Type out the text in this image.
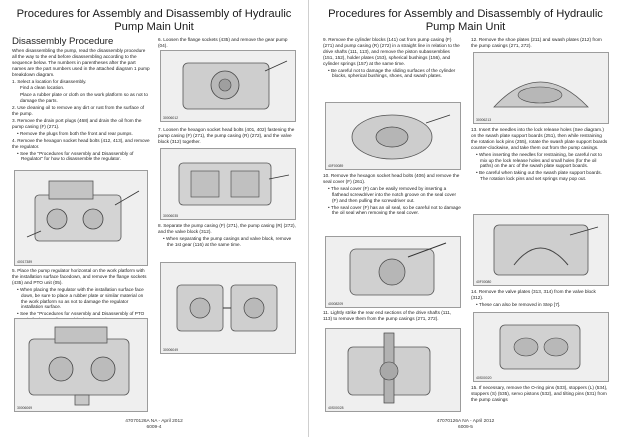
Procedures for Assembly and Disassembly of Hydraulic Pump Main Unit
Disassembly Procedure

When disassembling the pump, read the disassembly procedure all the way to the end before disassembling according to the sequence below. The numbers in parentheses after the part names are the part numbers used in the attached diagram 1 pump breakdown diagram.

1. Select a location for disassembly.

Find a clean location.

Place a rubber plate or cloth on the work platform so as not to damage the parts.

2. Use cleaning oil to remove any dirt or rust from the surface of the pump.

3. Remove the drain port plugs (468) and drain the oil from the pump casing (F) (271).

• Remove the plugs from both the front and rear pumps.

4. Remove the hexagon socket head bolts (412, 413), and remove the regulator.

• See the "Procedures for Assembly and Disassembly of Regulator" for how to disassemble the regulator.

40017389

5. Place the pump regulator horizontal on the work platform with the installation surface facedown, and remove the flange sockets (435) and PTO unit (05).

• When placing the regulator with the installation surface face down, be sure to place a rubber plate or similar material on the work platform so as not to damage the regulator installation surface.

• See the "Procedures for Assembly and Disassembly of PTO

30006069

6. Loosen the flange sockets (435) and remove the gear pump (04).

30006012

7. Loosen the hexagon socket head bolts (401, 402) fastening the pump casing (F) (271), the pump casing (R) (272), and the valve block (312) together.

30006035

8. Separate the pump casing (F) (271), the pump casing (R) (272), and the valve block (312).

• When separating the pump casings and valve block, remove the 1st gear (116) at the same time.

30006049
47070126A NA - April 2012
6009-4
Procedures for Assembly and Disassembly of Hydraulic Pump Main Unit

9. Remove the cylinder blocks (141) out from pump casing (F) (271) and pump casing (R) (272) in a straight line in relation to the drive shafts (111, 113), and remove the piston subassemblies (151, 152), holder plates (153), spherical bushings (156), and cylinder springs (157) at the same time.

• Be careful not to damage the sliding surfaces of the cylinder blocks, spherical bushings, shoes, and swash plates.

40F00089

10. Remove the hexagon socket head bolts (406) and remove the seal cover (F) (261).

• The seal cover (F) can be easily removed by inserting a flathead screwdriver into the notch groove on the seal cover (F) and then pulling the screwdriver out.

• The seal cover (F) has an oil seal, so be careful not to damage the oil seal when removing the seal cover.

40008209

11. Lightly strike the rear end sections of the drive shafts (111, 113) to remove them from the pump casings (271, 272).

40S00028

12. Remove the shoe plates (211) and swash plates (212) from the pump casings (271, 272).

30006213

13. Insert the needles into the lock release holes (See diagram.) on the swash plate support boards (251), then while restraining the rotation lock pins (255), rotate the swash plate support boards counter-clockwise, and take them out from the pump casings.

• When inserting the needles for restraining, be careful not to mix up the lock release holes and small holes (for the oil paths) on the arc of the swash plate support boards.

• Be careful when taking out the swash plate support boards. The rotation lock pins and set springs may pop out.

40F00080

14. Remove the valve plates (313, 314) from the valve block (312).

• These can also be removed in Step [7].

40S00020

15. If necessary, remove the O-ring pins (533), stoppers (L) (534), stoppers (S) (535), servo pistons (532), and tilting pins (531) from the pump casings

47070126A NA - April 2012
6009-5
